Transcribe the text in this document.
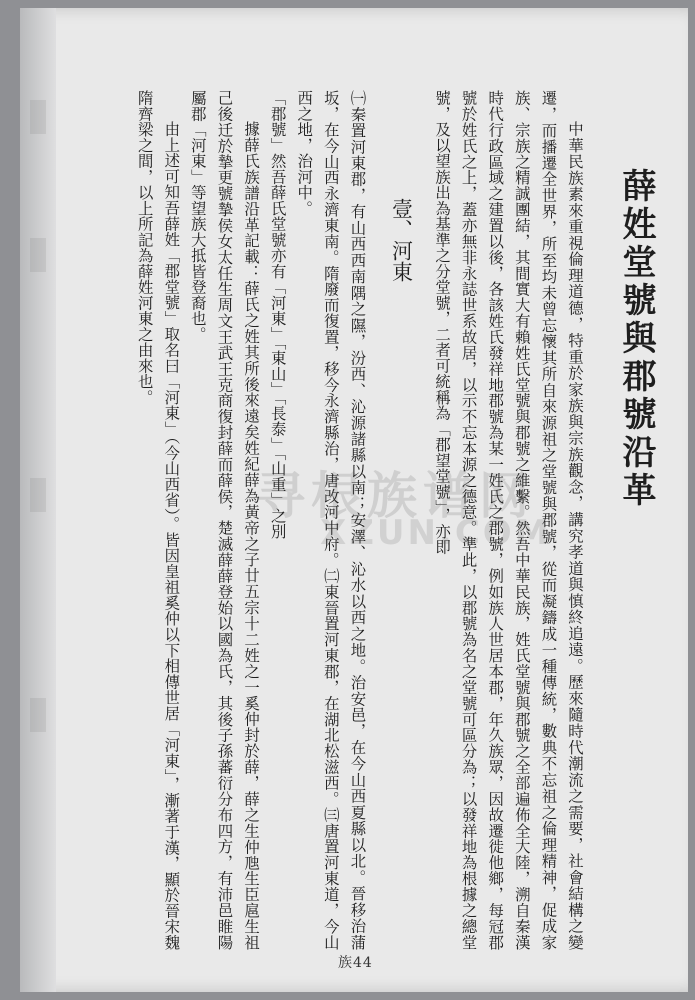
薛姓堂號與郡號沿革

中華民族素來重視倫理道德，特重於家族與宗族觀念，講究孝道與慎終追遠。歷來隨時代潮流之需要，社會結構之變遷，而播遷全世界，所至均未曾忘懷其所自來源祖之堂號與郡號，從而凝鑄成一種傳統，數典不忘祖之倫理精神，促成家族、宗族之精誠團結，其間實大有賴姓氏堂號與郡號之維繫。然吾中華民族，姓氏堂號與郡號之全部遍佈全大陸，溯自秦漢時代行政區域之建置以後，各該姓氏發祥地郡號為某一姓氏之郡號，例如族人世居本郡，年久族眾，因故遷徙他鄉，每冠郡號於姓氏之上，蓋亦無非永誌世系故居，以示不忘本源之德意。準此，以郡號為名之堂號可區分為；以發祥地為根據之總堂號，及以望族出為基準之分堂號，二者可統稱為「郡望堂號」，亦即

壹、河東

㈠秦置河東郡，有山西西南隅之隰，汾西、沁源諸縣以南；安澤、沁水以西之地。治安邑，在今山西夏縣以北。晉移治蒲坂，在今山西永濟東南。隋廢而復置，移今永濟縣治，唐改河中府。㈡東晉置河東郡，在湖北松滋西。㈢唐置河東道，今山西之地，治河中。

「郡號」然吾薛氏堂號亦有「河東」「東山」「長泰」「山重」之別

據薛氏族譜沿革記載：薛氏之姓其所後來遠矣姓紀薛為黃帝之子廿五宗十二姓之一奚仲封於薛，薛之生仲虺生臣扈生祖己後迁於摯更號摯侯女太任生周文王武王克商復封薛而薛侯，楚滅薛薛登始以國為氏，其後子孫蕃衍分布四方，有沛邑睢陽屬郡「河東」等望族大抵皆登裔也。

由上述可知吾薛姓「郡堂號」取名曰「河東」（今山西省）。皆因皇祖奚仲以下相傳世居「河東」，漸著于漢，顯於晉宋魏隋齊梁之間，以上所記為薛姓河東之由來也。

寻根族谱网
XZUN.COM
族44
